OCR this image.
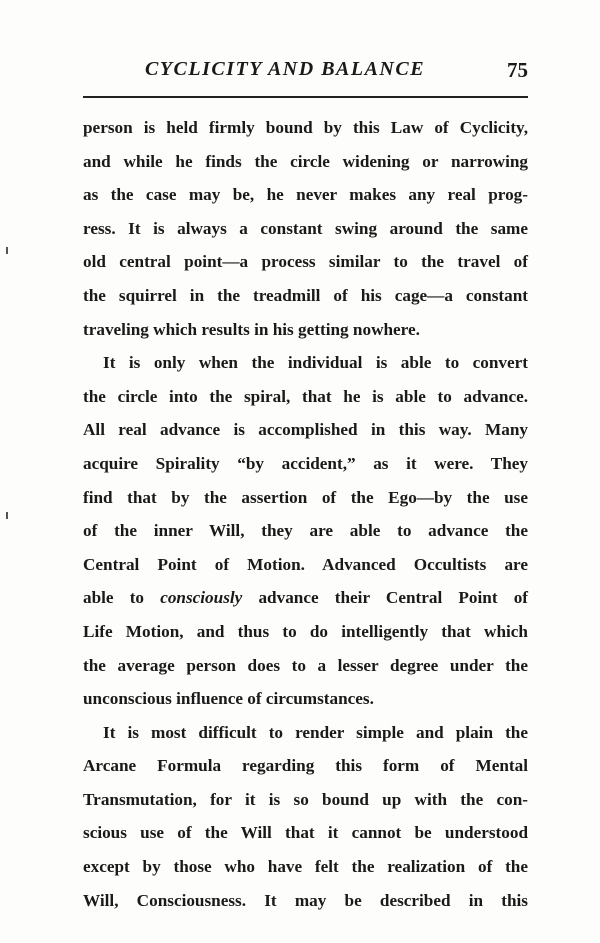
CYCLICITY AND BALANCE	75
person is held firmly bound by this Law of Cyclicity,
and while he finds the circle widening or narrowing
as the case may be, he never makes any real prog-
ress. It is always a constant swing around the same
old central point—a process similar to the travel of
the squirrel in the treadmill of his cage—a constant
traveling which results in his getting nowhere.
It is only when the individual is able to convert
the circle into the spiral, that he is able to advance.
All real advance is accomplished in this way. Many
acquire Spirality “by accident,” as it were. They
find that by the assertion of the Ego—by the use
of the inner Will, they are able to advance the
Central Point of Motion. Advanced Occultists are
able to consciously advance their Central Point of
Life Motion, and thus to do intelligently that which
the average person does to a lesser degree under the
unconscious influence of circumstances.
It is most difficult to render simple and plain the
Arcane Formula regarding this form of Mental
Transmutation, for it is so bound up with the con-
scious use of the Will that it cannot be understood
except by those who have felt the realization of the
Will, Consciousness. It may be described in this
